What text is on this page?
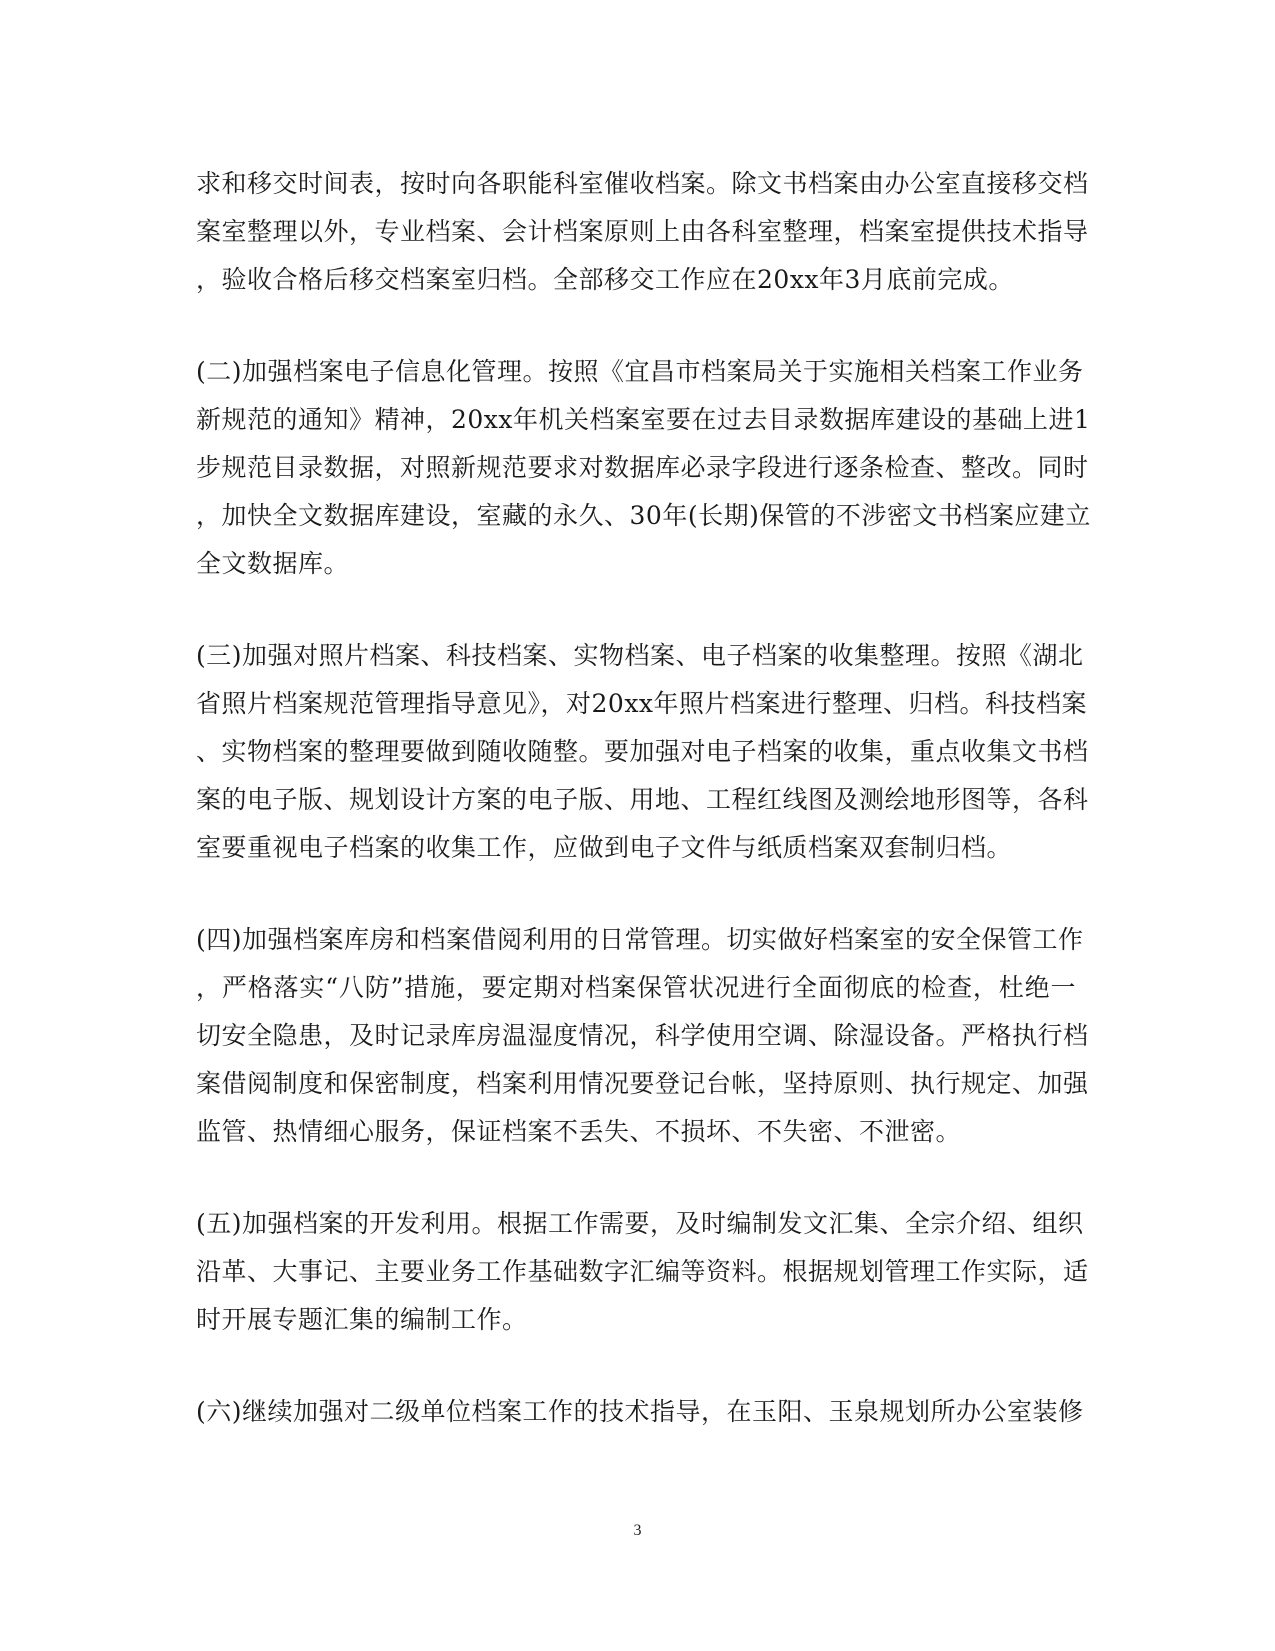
求和移交时间表，按时向各职能科室催收档案。除文书档案由办公室直接移交档
案室整理以外，专业档案、会计档案原则上由各科室整理，档案室提供技术指导
，验收合格后移交档案室归档。全部移交工作应在20xx年3月底前完成。

(二)加强档案电子信息化管理。按照《宜昌市档案局关于实施相关档案工作业务
新规范的通知》精神，20xx年机关档案室要在过去目录数据库建设的基础上进1
步规范目录数据，对照新规范要求对数据库必录字段进行逐条检查、整改。同时
，加快全文数据库建设，室藏的永久、30年(长期)保管的不涉密文书档案应建立
全文数据库。

(三)加强对照片档案、科技档案、实物档案、电子档案的收集整理。按照《湖北
省照片档案规范管理指导意见》，对20xx年照片档案进行整理、归档。科技档案
、实物档案的整理要做到随收随整。要加强对电子档案的收集，重点收集文书档
案的电子版、规划设计方案的电子版、用地、工程红线图及测绘地形图等，各科
室要重视电子档案的收集工作，应做到电子文件与纸质档案双套制归档。

(四)加强档案库房和档案借阅利用的日常管理。切实做好档案室的安全保管工作
，严格落实“八防”措施，要定期对档案保管状况进行全面彻底的检查，杜绝一
切安全隐患，及时记录库房温湿度情况，科学使用空调、除湿设备。严格执行档
案借阅制度和保密制度，档案利用情况要登记台帐，坚持原则、执行规定、加强
监管、热情细心服务，保证档案不丢失、不损坏、不失密、不泄密。

(五)加强档案的开发利用。根据工作需要，及时编制发文汇集、全宗介绍、组织
沿革、大事记、主要业务工作基础数字汇编等资料。根据规划管理工作实际，适
时开展专题汇集的编制工作。

(六)继续加强对二级单位档案工作的技术指导，在玉阳、玉泉规划所办公室装修

3
